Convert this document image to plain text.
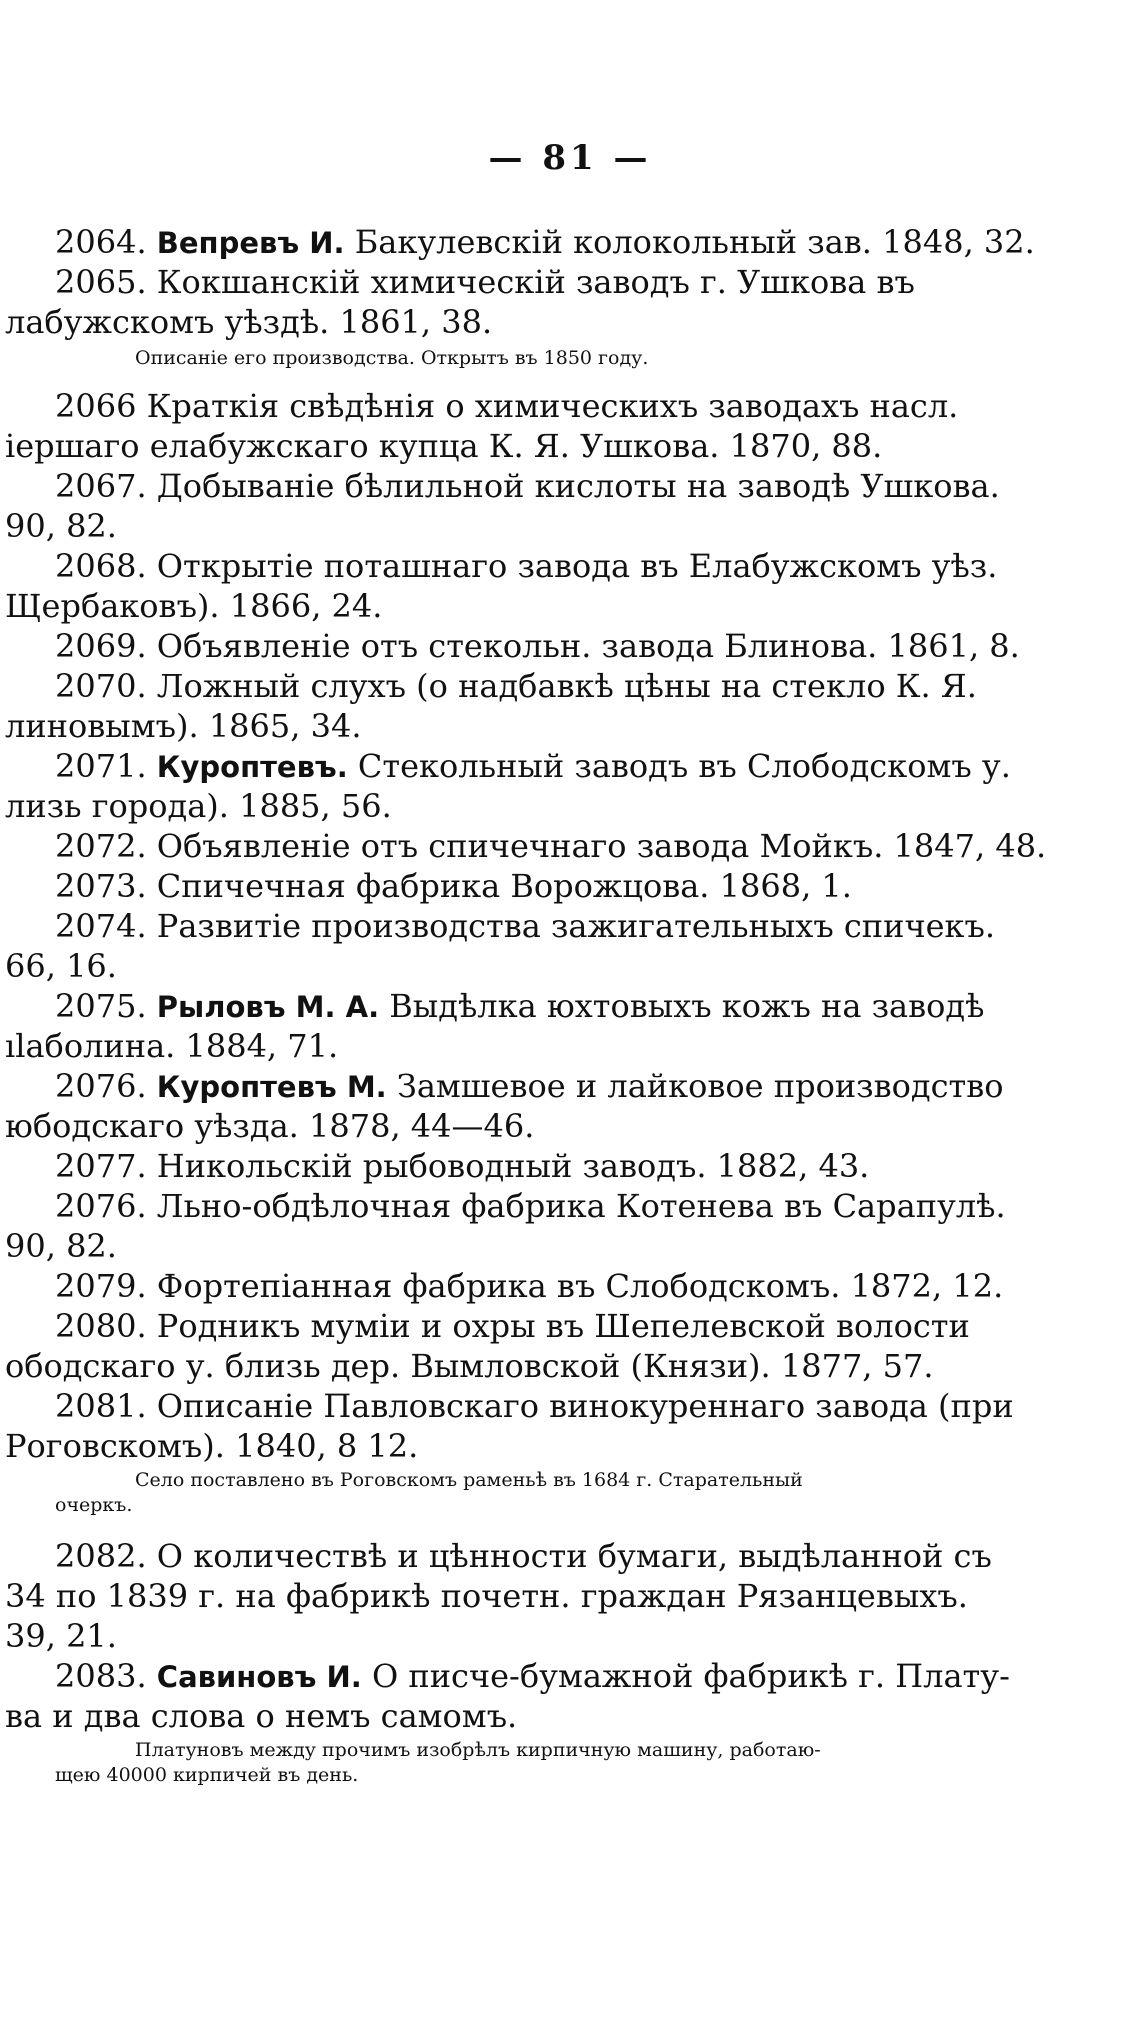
— 81 —
2064. Вепревъ И. Бакулевскій колокольный зав. 1848, 32.
2065. Кокшанскій химическій заводъ г. Ушкова въ
лабужскомъ уѣздѣ. 1861, 38.
Описаніе его производства. Открытъ въ 1850 году.
2066 Краткія свѣдѣнія о химическихъ заводахъ насл.
іершаго елабужскаго купца К. Я. Ушкова. 1870, 88.
2067. Добываніе бѣлильной кислоты на заводѣ Ушкова.
90, 82.
2068. Открытіе поташнаго завода въ Елабужскомъ уѣз.
Щербаковъ). 1866, 24.
2069. Объявленіе отъ стекольн. завода Блинова. 1861, 8.
2070. Ложный слухъ (о надбавкѣ цѣны на стекло К. Я.
линовымъ). 1865, 34.
2071. Куроптевъ. Стекольный заводъ въ Слободскомъ у.
лизь города). 1885, 56.
2072. Объявленіе отъ спичечнаго завода Мойкъ. 1847, 48.
2073. Спичечная фабрика Ворожцова. 1868, 1.
2074. Развитіе производства зажигательныхъ спичекъ.
66, 16.
2075. Рыловъ М. А. Выдѣлка юхтовыхъ кожъ на заводѣ
ılаболина. 1884, 71.
2076. Куроптевъ М. Замшевое и лайковое производство
юбодскаго уѣзда. 1878, 44—46.
2077. Никольскій рыбоводный заводъ. 1882, 43.
2076. Льно-обдѣлочная фабрика Котенева въ Сарапулѣ.
90, 82.
2079. Фортепіанная фабрика въ Слободскомъ. 1872, 12.
2080. Родникъ муміи и охры въ Шепелевской волости
ободскаго у. близь дер. Вымловской (Князи). 1877, 57.
2081. Описаніе Павловскаго винокуреннаго завода (при
Роговскомъ). 1840, 8 12.
Село поставлено въ Роговскомъ раменьѣ въ 1684 г. Старательный
очеркъ.
2082. О количествѣ и цѣнности бумаги, выдѣланной съ
34 по 1839 г. на фабрикѣ почетн. граждан Рязанцевыхъ.
39, 21.
2083. Савиновъ И. О писче-бумажной фабрикѣ г. Плату-
ва и два слова о немъ самомъ.
Платуновъ между прочимъ изобрѣлъ кирпичную машину, работаю-
щею 40000 кирпичей въ день.
